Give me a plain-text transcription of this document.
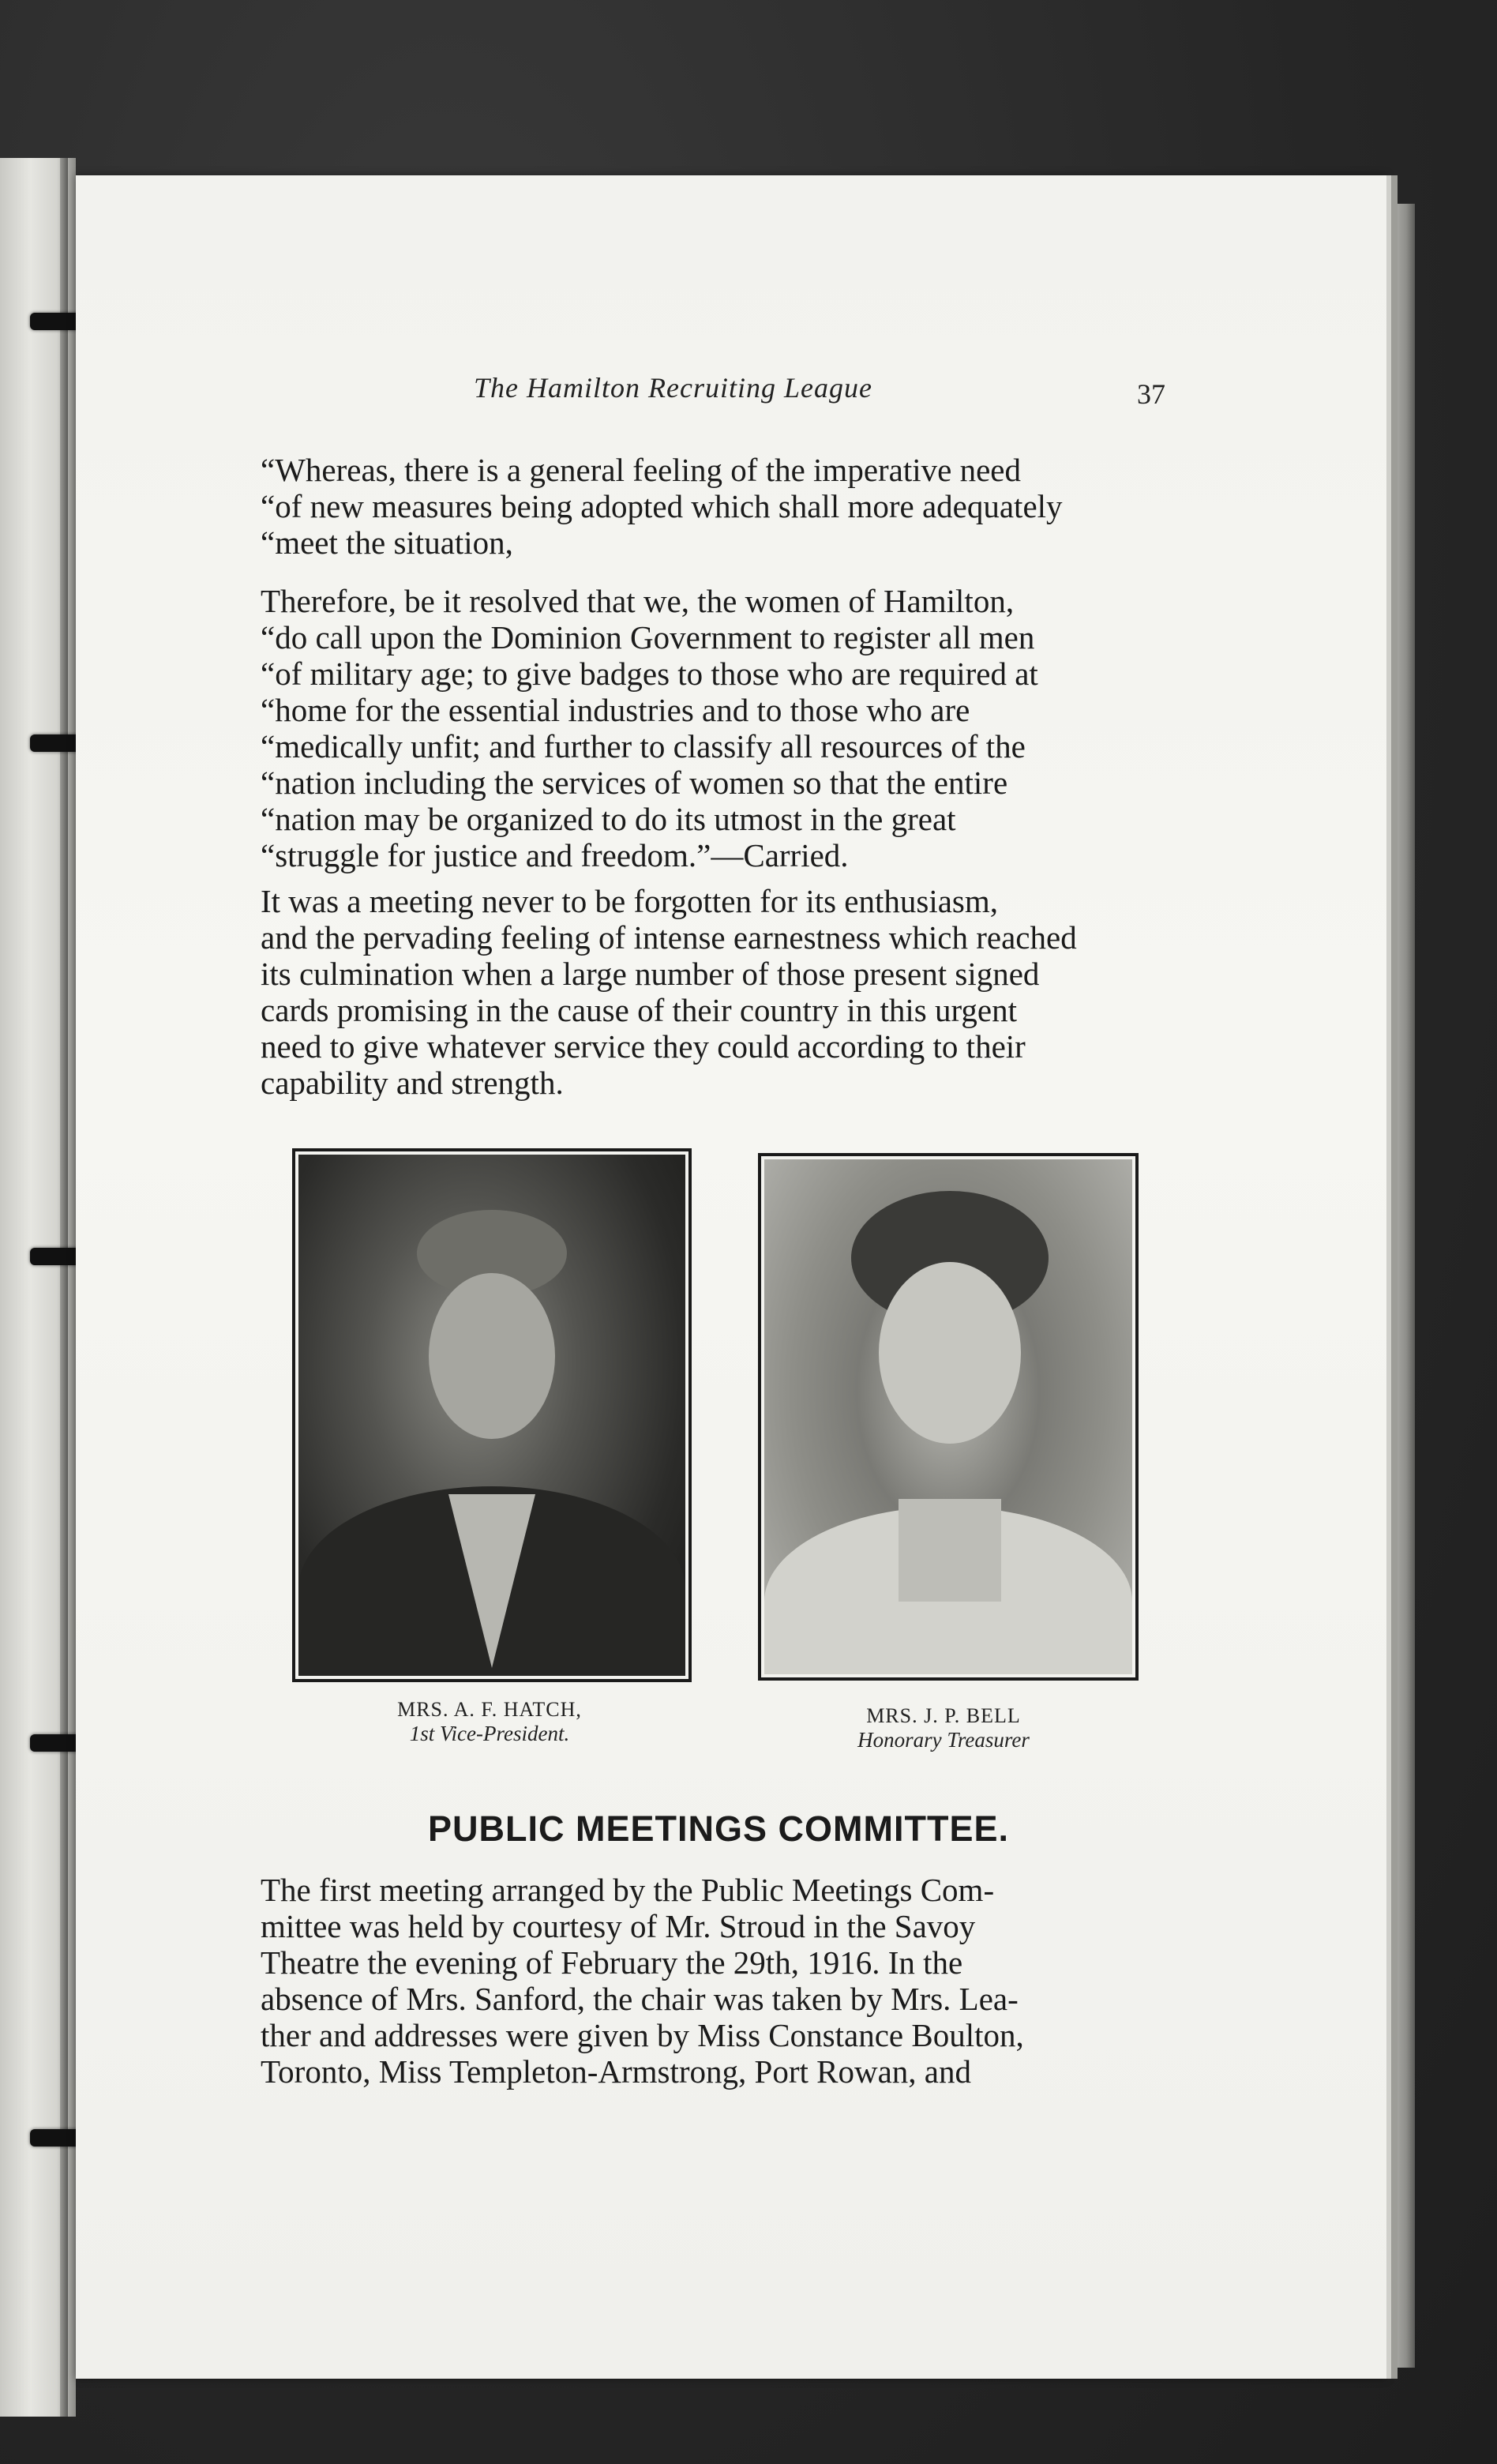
The Hamilton Recruiting League	37

“Whereas, there is a general feeling of the imperative need

“of new measures being adopted which shall more adequately

“meet the situation,

Therefore, be it resolved that we, the women of Hamilton,

“do call upon the Dominion Government to register all men

“of military age; to give badges to those who are required at

“home for the essential industries and to those who are

“medically unfit; and further to classify all resources of the

“nation including the services of women so that the entire

“nation may be organized to do its utmost in the great

“struggle for justice and freedom.”—Carried.

It was a meeting never to be forgotten for its enthusiasm,

and the pervading feeling of intense earnestness which reached

its culmination when a large number of those present signed

cards promising in the cause of their country in this urgent

need to give whatever service they could according to their

capability and strength.

MRS. A. F. HATCH,
1st Vice-President.
MRS. J. P. BELL
Honorary Treasurer
PUBLIC MEETINGS COMMITTEE.

The first meeting arranged by the Public Meetings Com-

mittee was held by courtesy of Mr. Stroud in the Savoy

Theatre the evening of February the 29th, 1916. In the

absence of Mrs. Sanford, the chair was taken by Mrs. Lea-

ther and addresses were given by Miss Constance Boulton,

Toronto, Miss Templeton-Armstrong, Port Rowan, and
